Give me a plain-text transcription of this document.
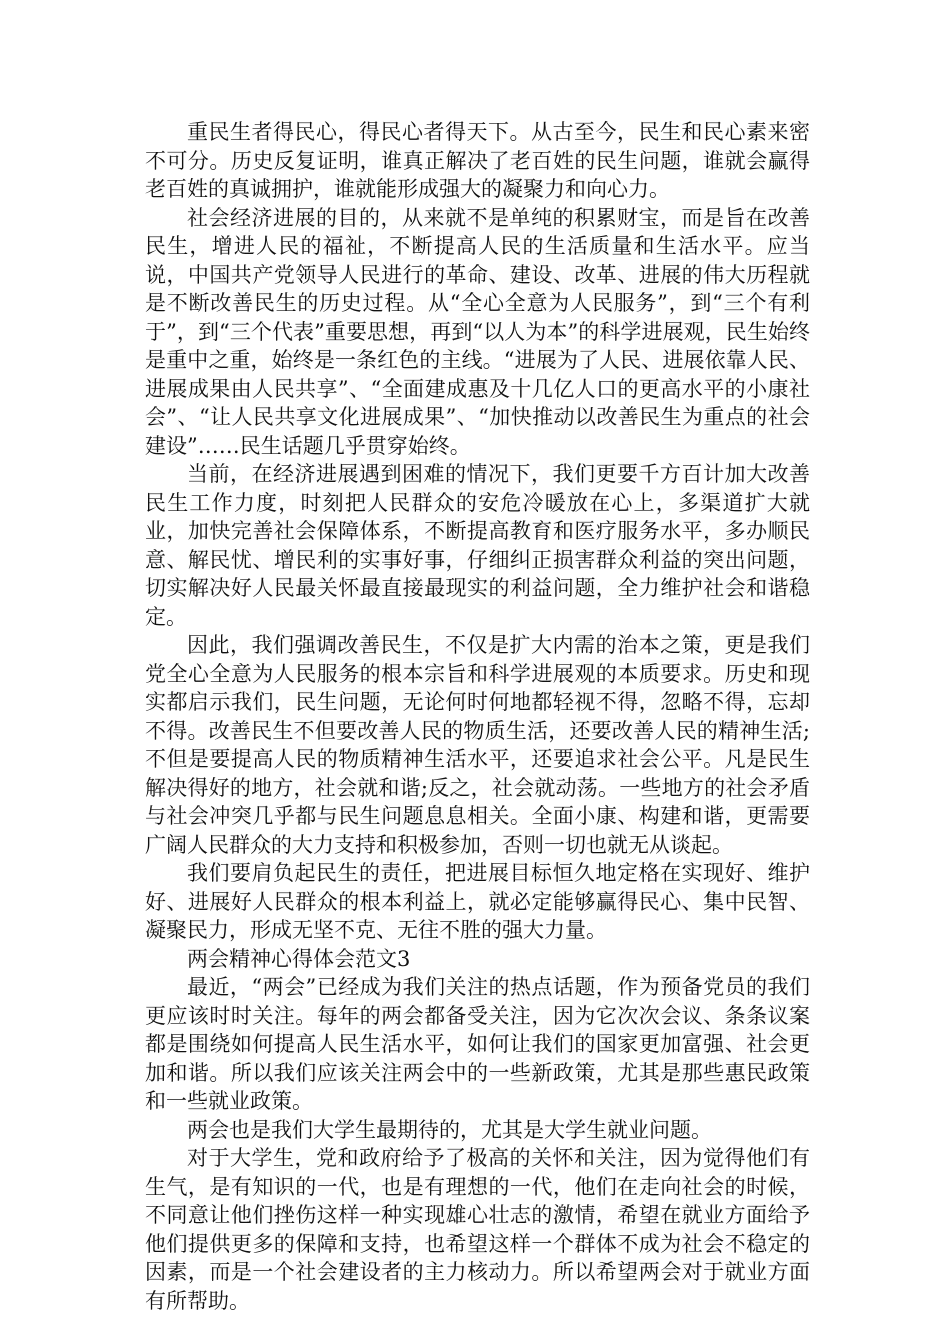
重民生者得民心，得民心者得天下。从古至今，民生和民心素来密不可分。历史反复证明，谁真正解决了老百姓的民生问题，谁就会赢得老百姓的真诚拥护，谁就能形成强大的凝聚力和向心力。

社会经济进展的目的，从来就不是单纯的积累财宝，而是旨在改善民生，增进人民的福祉，不断提高人民的生活质量和生活水平。应当说，中国共产党领导人民进行的革命、建设、改革、进展的伟大历程就是不断改善民生的历史过程。从“全心全意为人民服务”，到“三个有利于”，到“三个代表”重要思想，再到“以人为本”的科学进展观，民生始终是重中之重，始终是一条红色的主线。“进展为了人民、进展依靠人民、进展成果由人民共享”、“全面建成惠及十几亿人口的更高水平的小康社会”、“让人民共享文化进展成果”、“加快推动以改善民生为重点的社会建设”……民生话题几乎贯穿始终。

当前，在经济进展遇到困难的情况下，我们更要千方百计加大改善民生工作力度，时刻把人民群众的安危冷暖放在心上，多渠道扩大就业，加快完善社会保障体系，不断提高教育和医疗服务水平，多办顺民意、解民忧、增民利的实事好事，仔细纠正损害群众利益的突出问题，切实解决好人民最关怀最直接最现实的利益问题，全力维护社会和谐稳定。

因此，我们强调改善民生，不仅是扩大内需的治本之策，更是我们党全心全意为人民服务的根本宗旨和科学进展观的本质要求。历史和现实都启示我们，民生问题，无论何时何地都轻视不得，忽略不得，忘却不得。改善民生不但要改善人民的物质生活，还要改善人民的精神生活;不但是要提高人民的物质精神生活水平，还要追求社会公平。凡是民生解决得好的地方，社会就和谐;反之，社会就动荡。一些地方的社会矛盾与社会冲突几乎都与民生问题息息相关。全面小康、构建和谐，更需要广阔人民群众的大力支持和积极参加，否则一切也就无从谈起。

我们要肩负起民生的责任，把进展目标恒久地定格在实现好、维护好、进展好人民群众的根本利益上，就必定能够赢得民心、集中民智、凝聚民力，形成无坚不克、无往不胜的强大力量。

两会精神心得体会范文3

最近，“两会”已经成为我们关注的热点话题，作为预备党员的我们更应该时时关注。每年的两会都备受关注，因为它次次会议、条条议案都是围绕如何提高人民生活水平，如何让我们的国家更加富强、社会更加和谐。所以我们应该关注两会中的一些新政策，尤其是那些惠民政策和一些就业政策。

两会也是我们大学生最期待的，尤其是大学生就业问题。

对于大学生，党和政府给予了极高的关怀和关注，因为觉得他们有生气，是有知识的一代，也是有理想的一代，他们在走向社会的时候，不同意让他们挫伤这样一种实现雄心壮志的激情，希望在就业方面给予他们提供更多的保障和支持，也希望这样一个群体不成为社会不稳定的因素，而是一个社会建设者的主力核动力。所以希望两会对于就业方面有所帮助。
